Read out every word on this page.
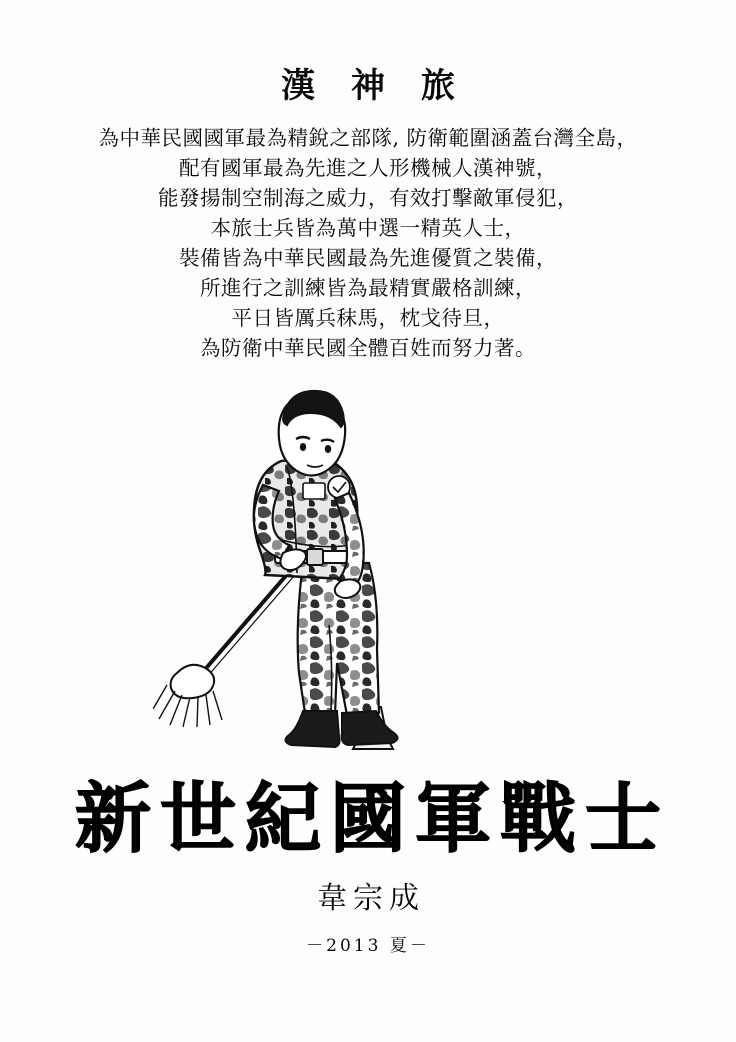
漢 神 旅
為中華民國國軍最為精銳之部隊, 防衛範圍涵蓋台灣全島，
配有國軍最為先進之人形機械人漢神號，
能發揚制空制海之威力，有效打擊敵軍侵犯，
本旅士兵皆為萬中選一精英人士，
裝備皆為中華民國最為先進優質之裝備，
所進行之訓練皆為最精實嚴格訓練，
平日皆厲兵秣馬，枕戈待旦，
為防衛中華民國全體百姓而努力著。
新世紀國軍戰士
韋宗成
－2013 夏－
